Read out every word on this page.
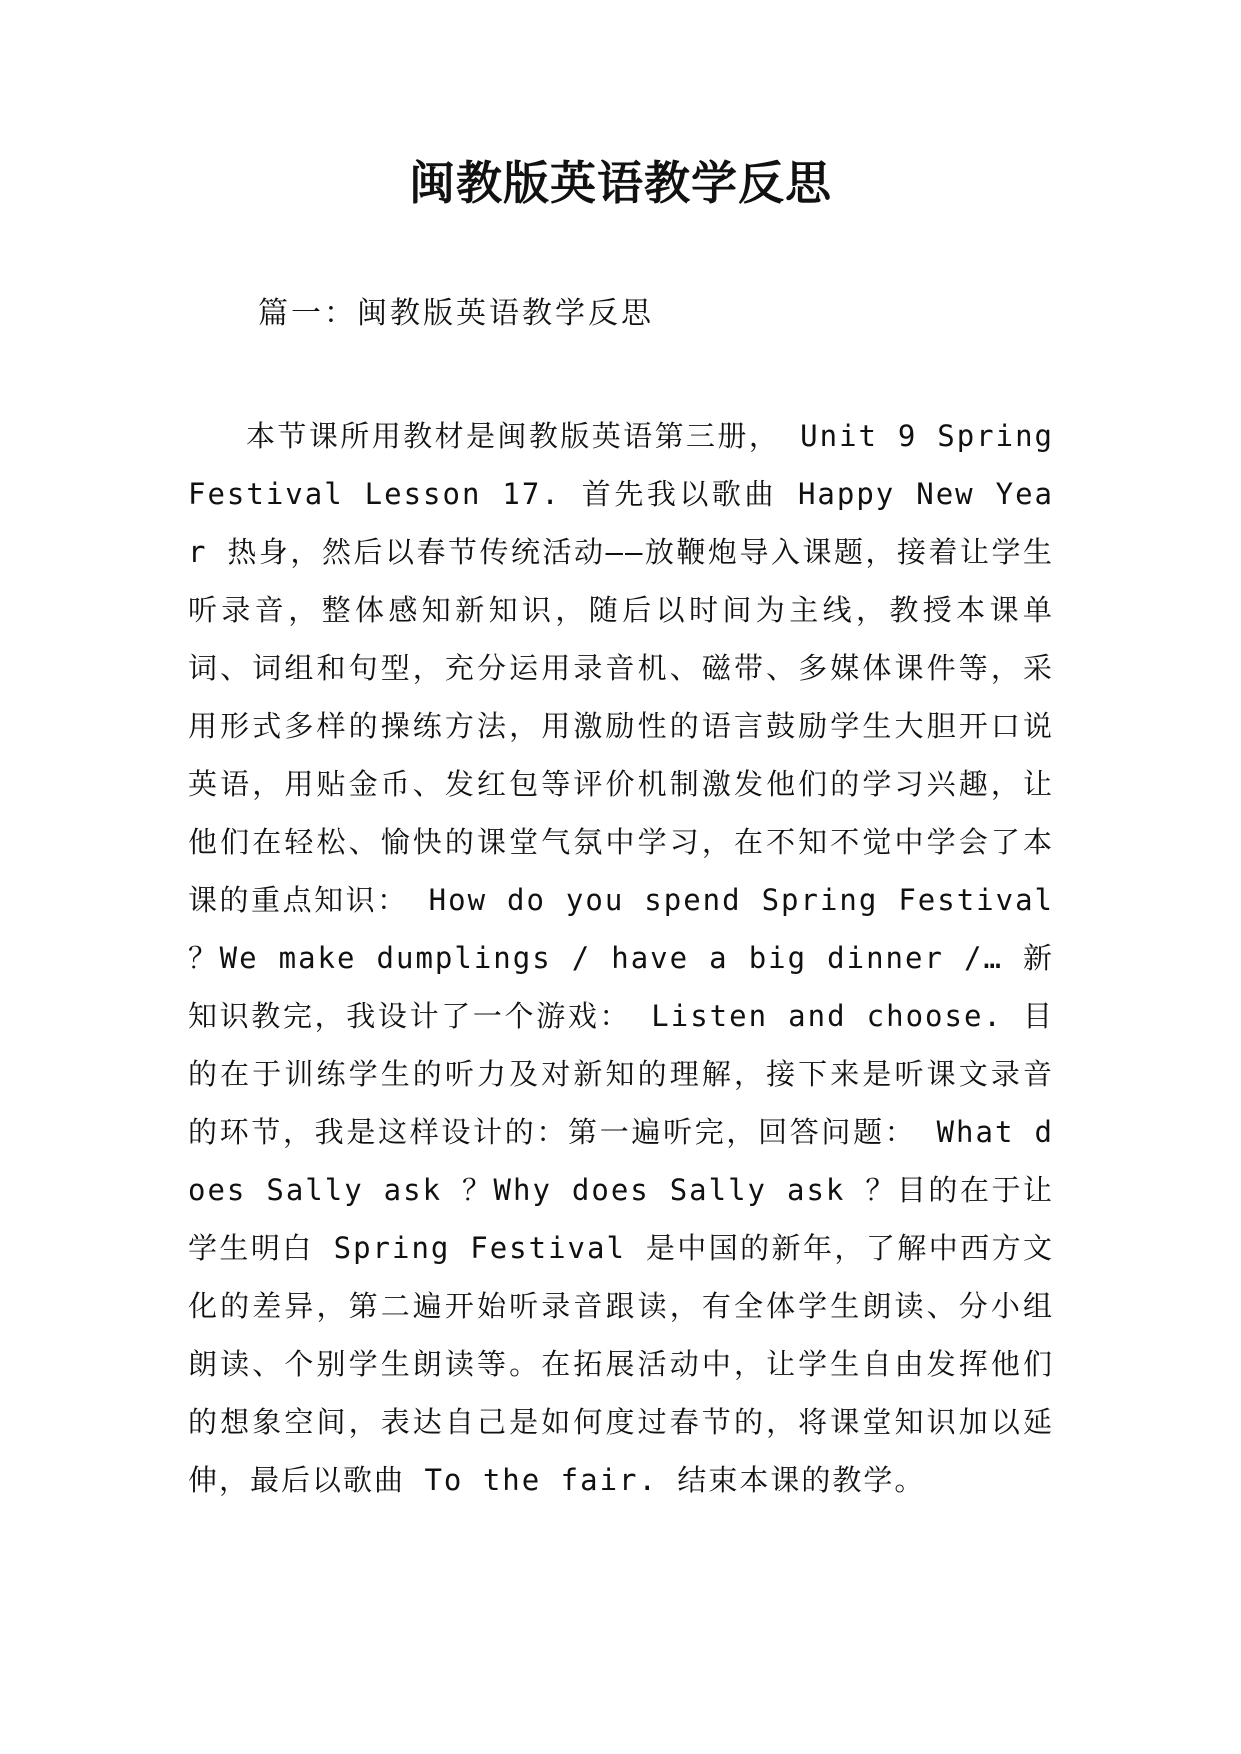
闽教版英语教学反思

篇一：闽教版英语教学反思

本节课所用教材是闽教版英语第三册， Unit 9 Spring Festival Lesson 17. 首先我以歌曲 Happy New Year 热身，然后以春节传统活动——放鞭炮导入课题，接着让学生听录音，整体感知新知识，随后以时间为主线，教授本课单词、词组和句型，充分运用录音机、磁带、多媒体课件等，采用形式多样的操练方法，用激励性的语言鼓励学生大胆开口说英语，用贴金币、发红包等评价机制激发他们的学习兴趣，让他们在轻松、愉快的课堂气氛中学习，在不知不觉中学会了本课的重点知识： How do you spend Spring Festival ？We make dumplings / have a big dinner /… 新知识教完，我设计了一个游戏： Listen and choose. 目的在于训练学生的听力及对新知的理解，接下来是听课文录音的环节，我是这样设计的：第一遍听完，回答问题： What does Sally ask ？Why does Sally ask ？目的在于让学生明白 Spring Festival 是中国的新年，了解中西方文化的差异，第二遍开始听录音跟读，有全体学生朗读、分小组朗读、个别学生朗读等。在拓展活动中，让学生自由发挥他们的想象空间，表达自己是如何度过春节的，将课堂知识加以延伸，最后以歌曲 To the fair. 结束本课的教学。
